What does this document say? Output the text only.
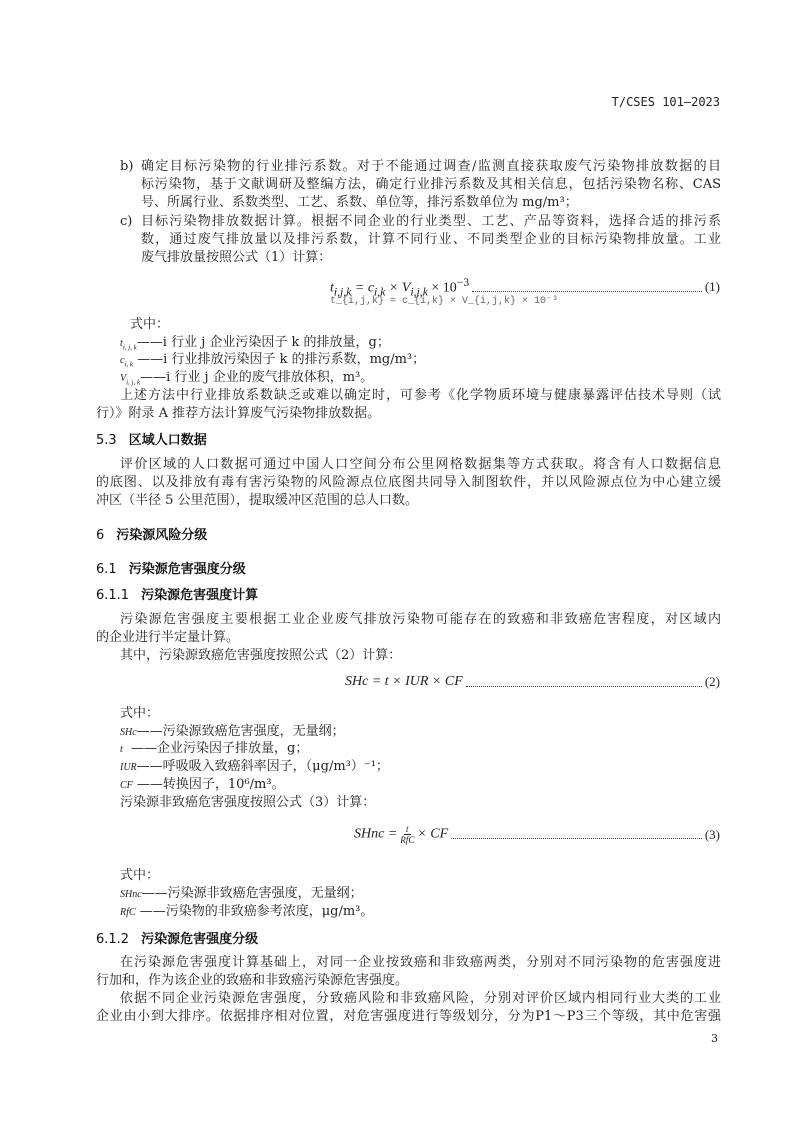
T/CSES 101—2023
b) 确定目标污染物的行业排污系数。对于不能通过调查/监测直接获取废气污染物排放数据的目
标污染物，基于文献调研及整编方法，确定行业排污系数及其相关信息，包括污染物名称、CAS
号、所属行业、系数类型、工艺、系数、单位等，排污系数单位为 mg/m³；
c) 目标污染物排放数据计算。根据不同企业的行业类型、工艺、产品等资料，选择合适的排污系
数，通过废气排放量以及排污系数，计算不同行业、不同类型企业的目标污染物排放量。工业
废气排放量按照公式（1）计算：
$t_{i,j,k} = c_{i,k} \times V_{i,j,k} \times 10^{-3}$	(1)
t_{i,j,k} = c_{i,k} × V_{i,j,k} × 10⁻³
式中：
$t_{i, j, k}——i$ 行业 j 企业污染因子 k 的排放量，g；
$c_{i, k}$ ——i 行业排放污染因子 k 的排污系数，mg/m³；
$V_{i, j, k}——i$ 行业 j 企业的废气排放体积，m³。
上述方法中行业排放系数缺乏或难以确定时，可参考《化学物质环境与健康暴露评估技术导则（试
行）》附录 A 推荐方法计算废气污染物排放数据。
5.3 区域人口数据
评价区域的人口数据可通过中国人口空间分布公里网格数据集等方式获取。将含有人口数据信息
的底图、以及排放有毒有害污染物的风险源点位底图共同导入制图软件，并以风险源点位为中心建立缓
冲区（半径 5 公里范围），提取缓冲区范围的总人口数。
6 污染源风险分级
6.1 污染源危害强度分级
6.1.1 污染源危害强度计算
污染源危害强度主要根据工业企业废气排放污染物可能存在的致癌和非致癌危害程度，对区域内
的企业进行半定量计算。
其中，污染源致癌危害强度按照公式（2）计算：
SHc = t × IUR × CF	(2)
式中：
SHc——污染源致癌危害强度，无量纲；
t  ——企业污染因子排放量，g；
IUR——呼吸吸入致癌斜率因子，（μg/m³）⁻¹；
CF ——转换因子，10⁶/m³。
污染源非致癌危害强度按照公式（3）计算：
SHnc = $\frac{t}{\text{RfC}}$ × CF	(3)
式中：
SHnc——污染源非致癌危害强度，无量纲；
RfC ——污染物的非致癌参考浓度，μg/m³。
6.1.2 污染源危害强度分级
在污染源危害强度计算基础上，对同一企业按致癌和非致癌两类，分别对不同污染物的危害强度进
行加和，作为该企业的致癌和非致癌污染源危害强度。
依据不同企业污染源危害强度，分致癌风险和非致癌风险，分别对评价区域内相同行业大类的工业
企业由小到大排序。依据排序相对位置，对危害强度进行等级划分，分为P1～P3三个等级，其中危害强
3
